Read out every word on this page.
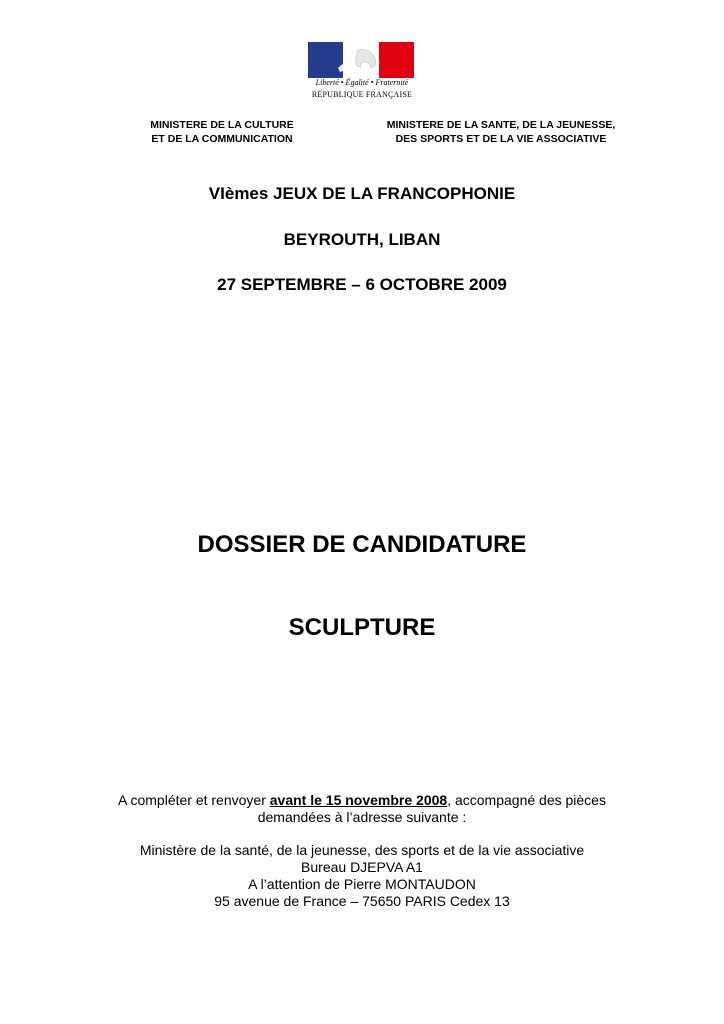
Liberté • Égalité • Fraternité
RÉPUBLIQUE FRANÇAISE
MINISTERE DE LA CULTURE
ET DE LA COMMUNICATION
MINISTERE DE LA SANTE, DE LA JEUNESSE,
DES SPORTS ET DE LA VIE ASSOCIATIVE
VIèmes JEUX DE LA FRANCOPHONIE
BEYROUTH, LIBAN
27 SEPTEMBRE – 6 OCTOBRE 2009
DOSSIER DE CANDIDATURE
SCULPTURE
A compléter et renvoyer avant le 15 novembre 2008, accompagné des pièces
demandées à l’adresse suivante :
Ministère de la santé, de la jeunesse, des sports et de la vie associative
Bureau DJEPVA A1
A l’attention de Pierre MONTAUDON
95 avenue de France – 75650 PARIS Cedex 13
